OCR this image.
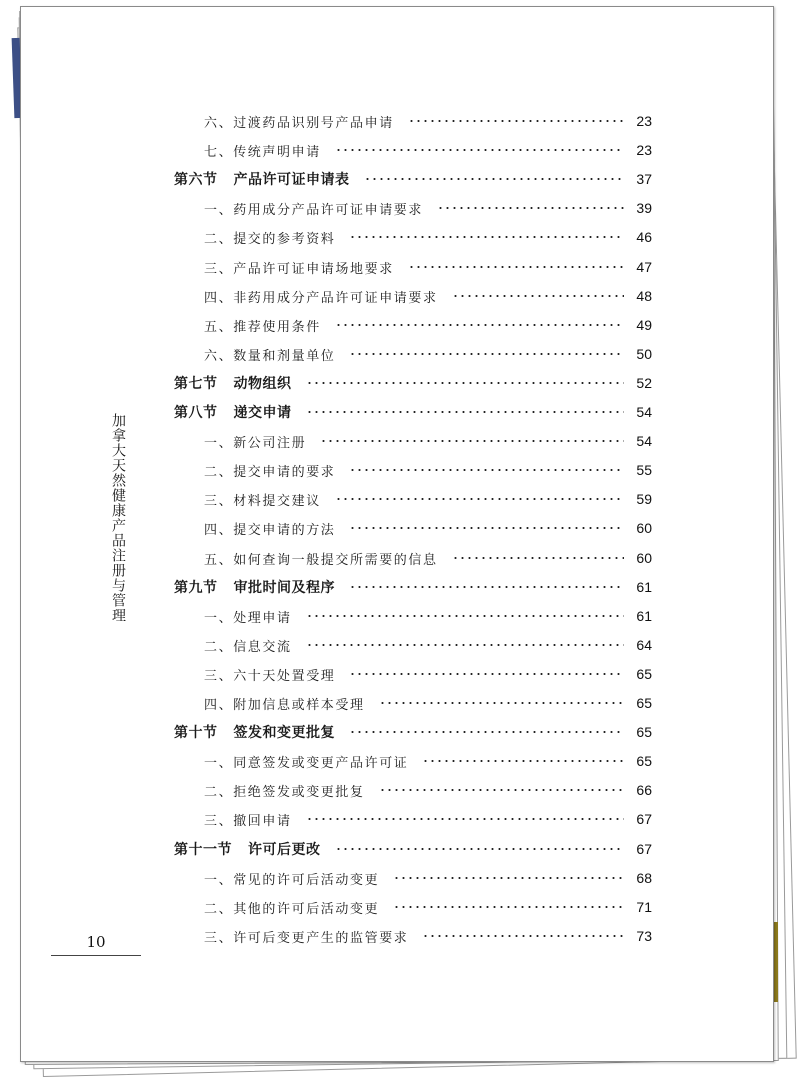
加拿大天然健康产品注册与管理
10
六、过渡药品识别号产品申请	23
七、传统声明申请	23
第六节 产品许可证申请表	37
一、药用成分产品许可证申请要求	39
二、提交的参考资料	46
三、产品许可证申请场地要求	47
四、非药用成分产品许可证申请要求	48
五、推荐使用条件	49
六、数量和剂量单位	50
第七节 动物组织	52
第八节 递交申请	54
一、新公司注册	54
二、提交申请的要求	55
三、材料提交建议	59
四、提交申请的方法	60
五、如何查询一般提交所需要的信息	60
第九节 审批时间及程序	61
一、处理申请	61
二、信息交流	64
三、六十天处置受理	65
四、附加信息或样本受理	65
第十节 签发和变更批复	65
一、同意签发或变更产品许可证	65
二、拒绝签发或变更批复	66
三、撤回申请	67
第十一节 许可后更改	67
一、常见的许可后活动变更	68
二、其他的许可后活动变更	71
三、许可后变更产生的监管要求	73
